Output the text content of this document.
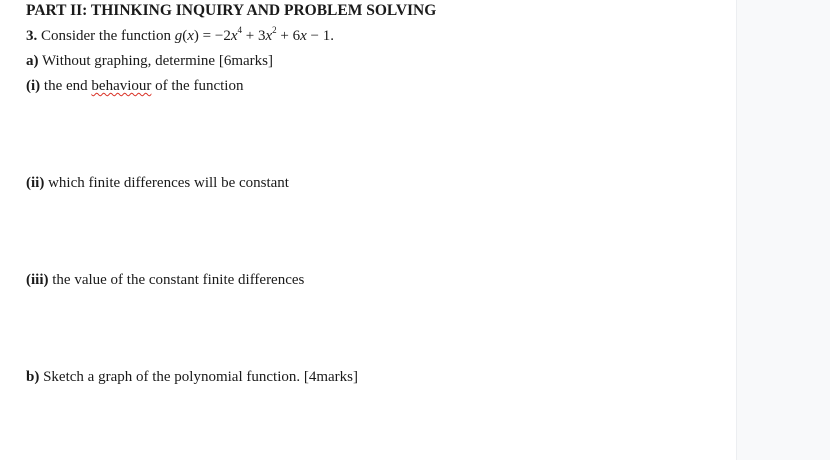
PART II: THINKING INQUIRY AND PROBLEM SOLVING
3. Consider the function $g(x) = -2x^4 + 3x^2 + 6x - 1$.
a) Without graphing, determine [6marks]
(i) the end behaviour of the function
(ii) which finite differences will be constant
(iii) the value of the constant finite differences
b) Sketch a graph of the polynomial function. [4marks]
